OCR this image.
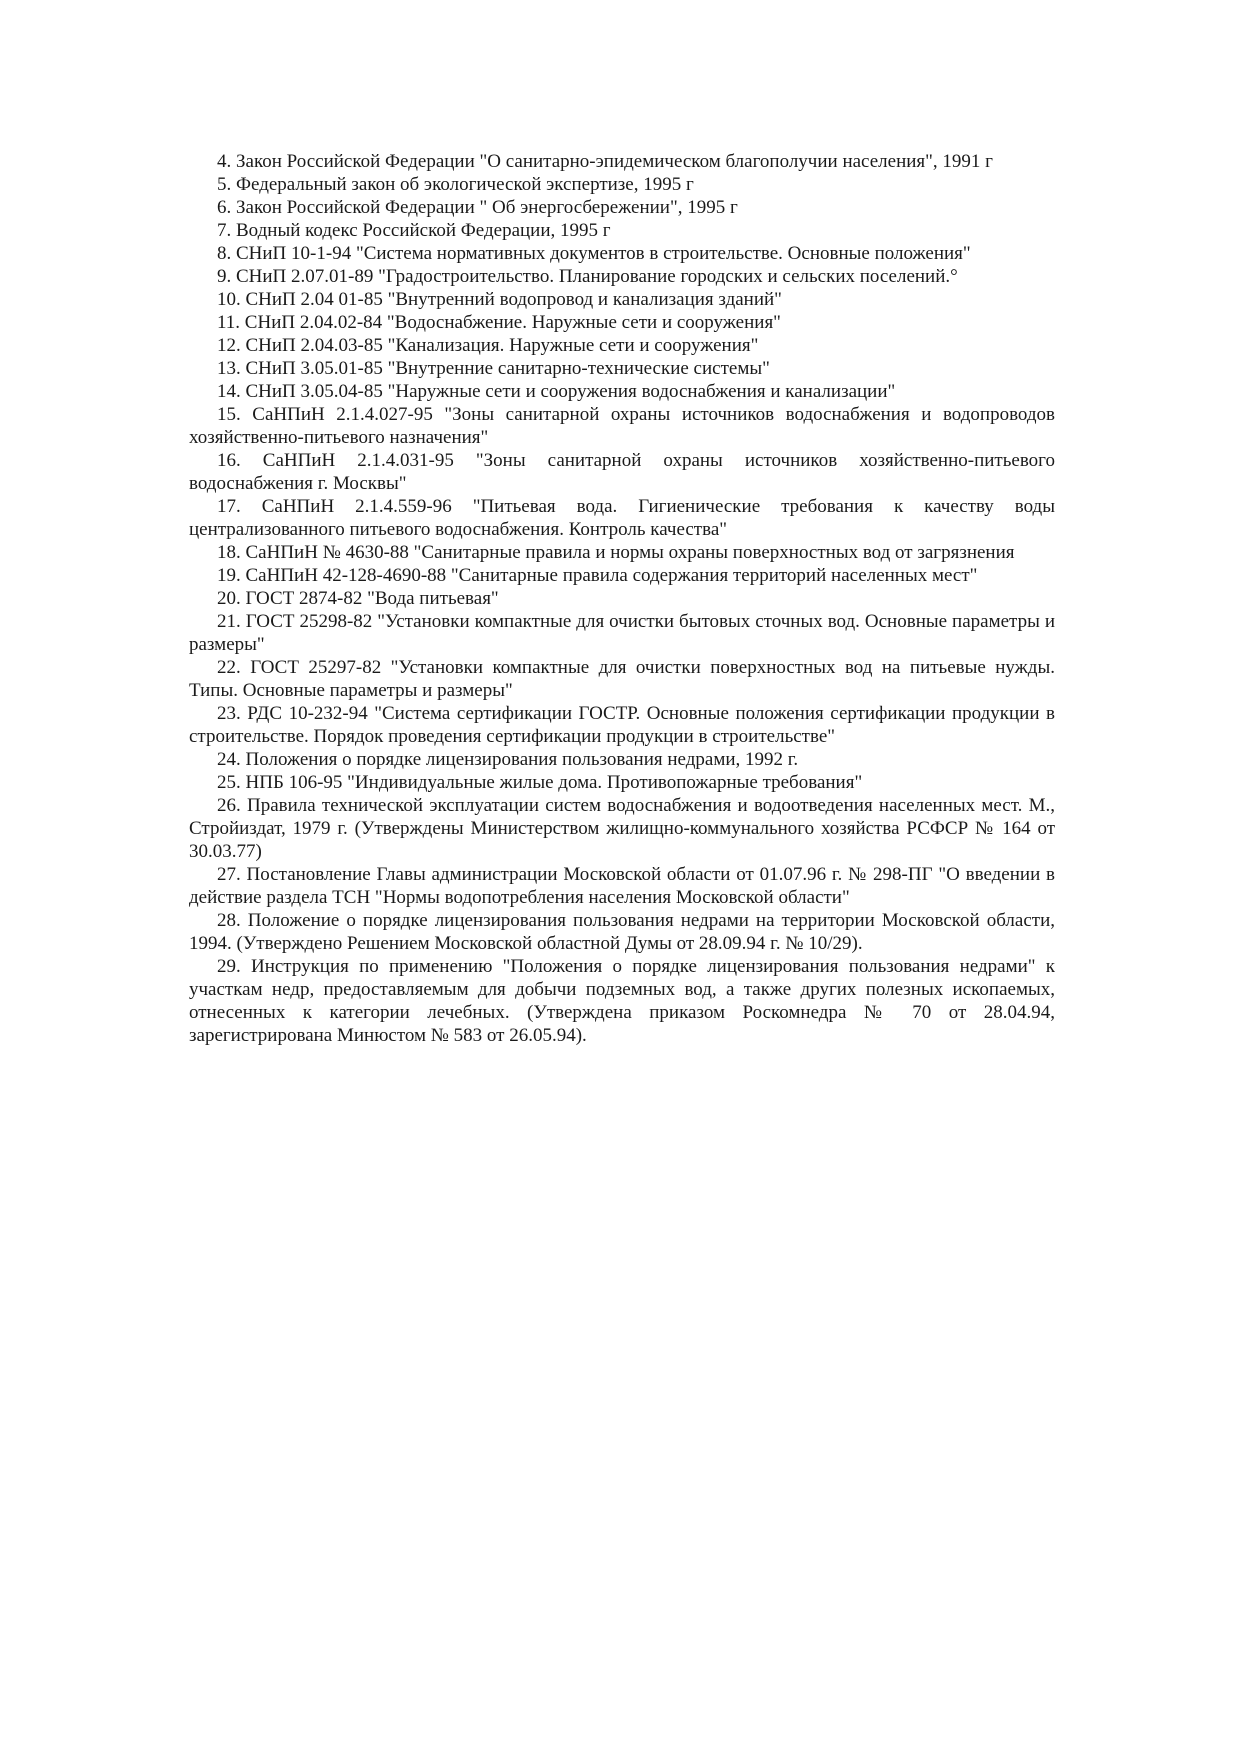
4. Закон Российской Федерации "О санитарно-эпидемическом благополучии населения", 1991 г

5. Федеральный закон об экологической экспертизе, 1995 г

6. Закон Российской Федерации " Об энергосбережении", 1995 г

7. Водный кодекс Российской Федерации, 1995 г

8. СНиП 10-1-94 "Система нормативных документов в строительстве. Основные положения"

9. СНиП 2.07.01-89 "Градостроительство. Планирование городских и сельских поселений.°

10. СНиП 2.04 01-85 "Внутренний водопровод и канализация зданий"

11. СНиП 2.04.02-84 "Водоснабжение. Наружные сети и сооружения"

12. СНиП 2.04.03-85 "Канализация. Наружные сети и сооружения"

13. СНиП 3.05.01-85 "Внутренние санитарно-технические системы"

14. СНиП 3.05.04-85 "Наружные сети и сооружения водоснабжения и канализации"

15. СаНПиН 2.1.4.027-95 "Зоны санитарной охраны источников водоснабжения и водопроводов хозяйственно-питьевого назначения"

16. СаНПиН 2.1.4.031-95 "Зоны санитарной охраны источников хозяйственно-питьевого водоснабжения г. Москвы"

17. СаНПиН 2.1.4.559-96 "Питьевая вода. Гигиенические требования к качеству воды централизованного питьевого водоснабжения. Контроль качества"

18. СаНПиН № 4630-88 "Санитарные правила и нормы охраны поверхностных вод от загрязнения

19. СаНПиН 42-128-4690-88 "Санитарные правила содержания территорий населенных мест"

20. ГОСТ 2874-82 "Вода питьевая"

21. ГОСТ 25298-82 "Установки компактные для очистки бытовых сточных вод. Основные параметры и размеры"

22. ГОСТ 25297-82 "Установки компактные для очистки поверхностных вод на питьевые нужды. Типы. Основные параметры и размеры"

23. РДС 10-232-94 "Система сертификации ГОСТР. Основные положения сертификации продукции в строительстве. Порядок проведения сертификации продукции в строительстве"

24. Положения о порядке лицензирования пользования недрами, 1992 г.

25. НПБ 106-95 "Индивидуальные жилые дома. Противопожарные требования"

26. Правила технической эксплуатации систем водоснабжения и водоотведения населенных мест. М., Стройиздат, 1979 г. (Утверждены Министерством жилищно-коммунального хозяйства РСФСР № 164 от 30.03.77)

27. Постановление Главы администрации Московской области от 01.07.96 г. № 298-ПГ "О введении в действие раздела ТСН "Нормы водопотребления населения Московской области"

28. Положение о порядке лицензирования пользования недрами на территории Московской области, 1994. (Утверждено Решением Московской областной Думы от 28.09.94 г. № 10/29).

29. Инструкция по применению "Положения о порядке лицензирования пользования недрами" к участкам недр, предоставляемым для добычи подземных вод, а также других полезных ископаемых, отнесенных к категории лечебных. (Утверждена приказом Роскомнедра № 70 от 28.04.94, зарегистрирована Минюстом № 583 от 26.05.94).
